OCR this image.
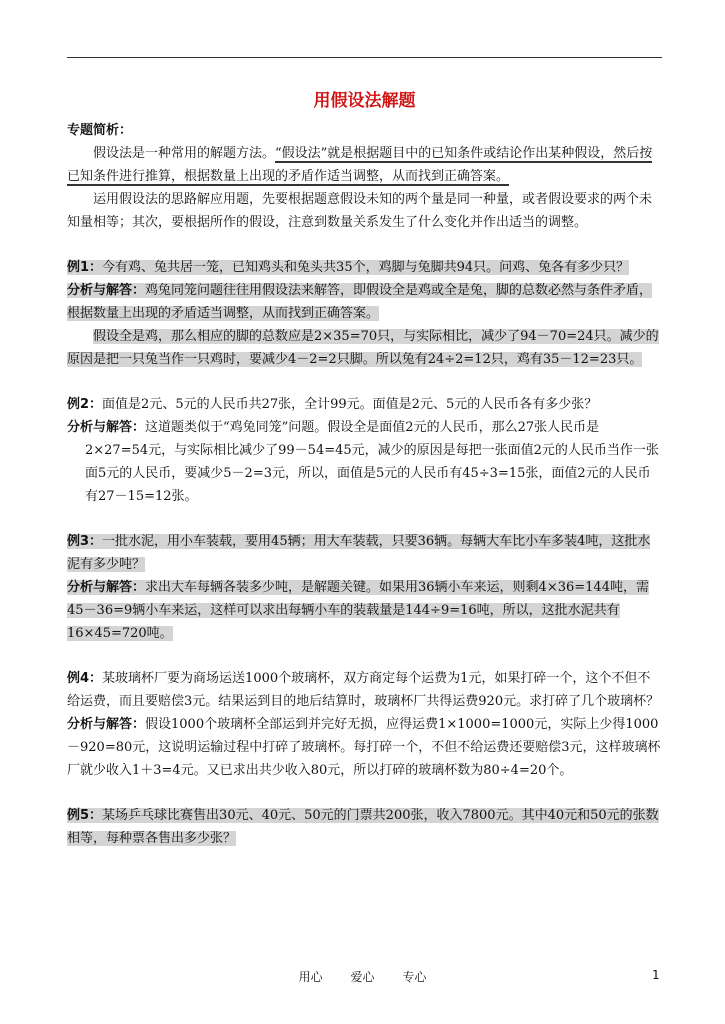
用假设法解题

专题简析：

假设法是一种常用的解题方法。“假设法”就是根据题目中的已知条件或结论作出某种假设，然后按已知条件进行推算，根据数量上出现的矛盾作适当调整，从而找到正确答案。

运用假设法的思路解应用题，先要根据题意假设未知的两个量是同一种量，或者假设要求的两个未知量相等；其次，要根据所作的假设，注意到数量关系发生了什么变化并作出适当的调整。

例1：今有鸡、兔共居一笼，已知鸡头和兔头共35个，鸡脚与兔脚共94只。问鸡、兔各有多少只？

分析与解答：鸡兔同笼问题往往用假设法来解答，即假设全是鸡或全是兔，脚的总数必然与条件矛盾，根据数量上出现的矛盾适当调整，从而找到正确答案。

假设全是鸡，那么相应的脚的总数应是2×35=70只，与实际相比，减少了94－70=24只。减少的原因是把一只兔当作一只鸡时，要减少4－2=2只脚。所以兔有24÷2=12只，鸡有35－12=23只。

例2：面值是2元、5元的人民币共27张，全计99元。面值是2元、5元的人民币各有多少张？

分析与解答：这道题类似于“鸡兔同笼”问题。假设全是面值2元的人民币，那么27张人民币是2×27=54元，与实际相比减少了99－54=45元，减少的原因是每把一张面值2元的人民币当作一张面5元的人民币，要减少5－2=3元，所以，面值是5元的人民币有45÷3=15张，面值2元的人民币有27－15=12张。

例3：一批水泥，用小车装载，要用45辆；用大车装载，只要36辆。每辆大车比小车多装4吨，这批水泥有多少吨？

分析与解答：求出大车每辆各装多少吨，是解题关键。如果用36辆小车来运，则剩4×36=144吨，需45－36=9辆小车来运，这样可以求出每辆小车的装载量是144÷9=16吨，所以，这批水泥共有16×45=720吨。

例4：某玻璃杯厂要为商场运送1000个玻璃杯，双方商定每个运费为1元，如果打碎一个，这个不但不给运费，而且要赔偿3元。结果运到目的地后结算时，玻璃杯厂共得运费920元。求打碎了几个玻璃杯？

分析与解答：假设1000个玻璃杯全部运到并完好无损，应得运费1×1000=1000元，实际上少得1000－920=80元，这说明运输过程中打碎了玻璃杯。每打碎一个，不但不给运费还要赔偿3元，这样玻璃杯厂就少收入1＋3=4元。又已求出共少收入80元，所以打碎的玻璃杯数为80÷4=20个。

例5：某场乒乓球比赛售出30元、40元、50元的门票共200张，收入7800元。其中40元和50元的张数相等，每种票各售出多少张？

用心 爱心 专心	1
